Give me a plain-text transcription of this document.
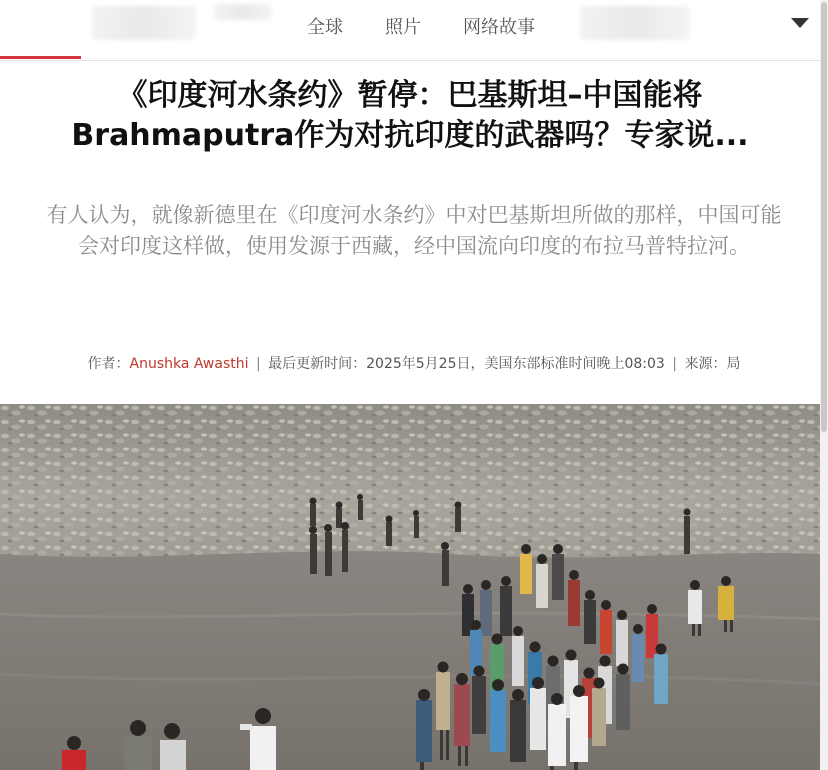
全球 照片 网络故事
《印度河水条约》暂停：巴基斯坦–中国能将Brahmaputra作为对抗印度的武器吗？专家说...

有人认为，就像新德里在《印度河水条约》中对巴基斯坦所做的那样，中国可能会对印度这样做，使用发源于西藏，经中国流向印度的布拉马普特拉河。

作者：Anushka Awasthi | 最后更新时间：2025年5月25日，美国东部标准时间晚上08:03 | 来源：局
